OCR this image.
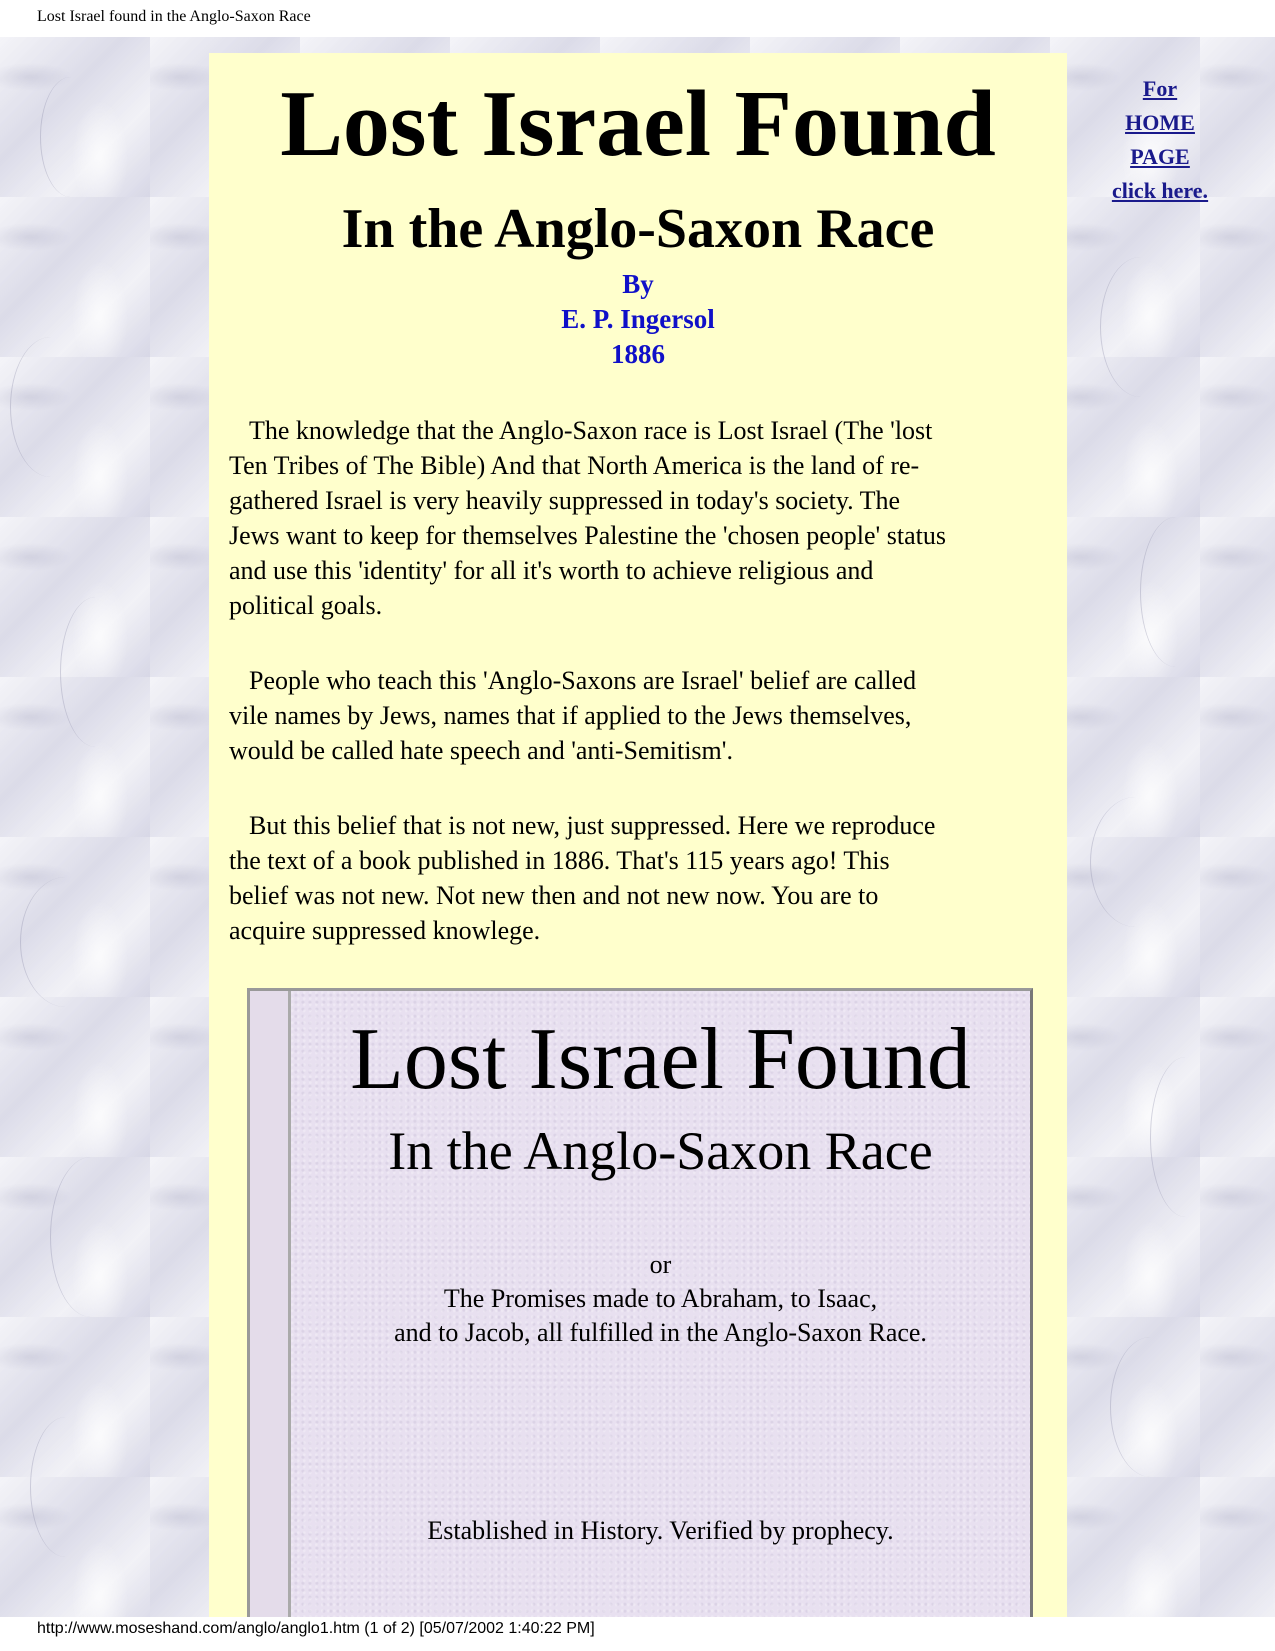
Lost Israel found in the Anglo-Saxon Race
Lost Israel Found
In the Anglo-Saxon Race
By
E. P. Ingersol
1886
The knowledge that the Anglo-Saxon race is Lost Israel (The 'lost
Ten Tribes of The Bible) And that North America is the land of re-
gathered Israel is very heavily suppressed in today's society. The
Jews want to keep for themselves Palestine the 'chosen people' status
and use this 'identity' for all it's worth to achieve religious and
political goals.
People who teach this 'Anglo-Saxons are Israel' belief are called
vile names by Jews, names that if applied to the Jews themselves,
would be called hate speech and 'anti-Semitism'.
But this belief that is not new, just suppressed. Here we reproduce
the text of a book published in 1886. That's 115 years ago! This
belief was not new. Not new then and not new now. You are to
acquire suppressed knowlege.
Lost Israel Found
In the Anglo-Saxon Race
or
The Promises made to Abraham, to Isaac,
and to Jacob, all fulfilled in the Anglo-Saxon Race.
Established in History. Verified by prophecy.
For
HOME
PAGE
click here.
http://www.moseshand.com/anglo/anglo1.htm (1 of 2) [05/07/2002 1:40:22 PM]
